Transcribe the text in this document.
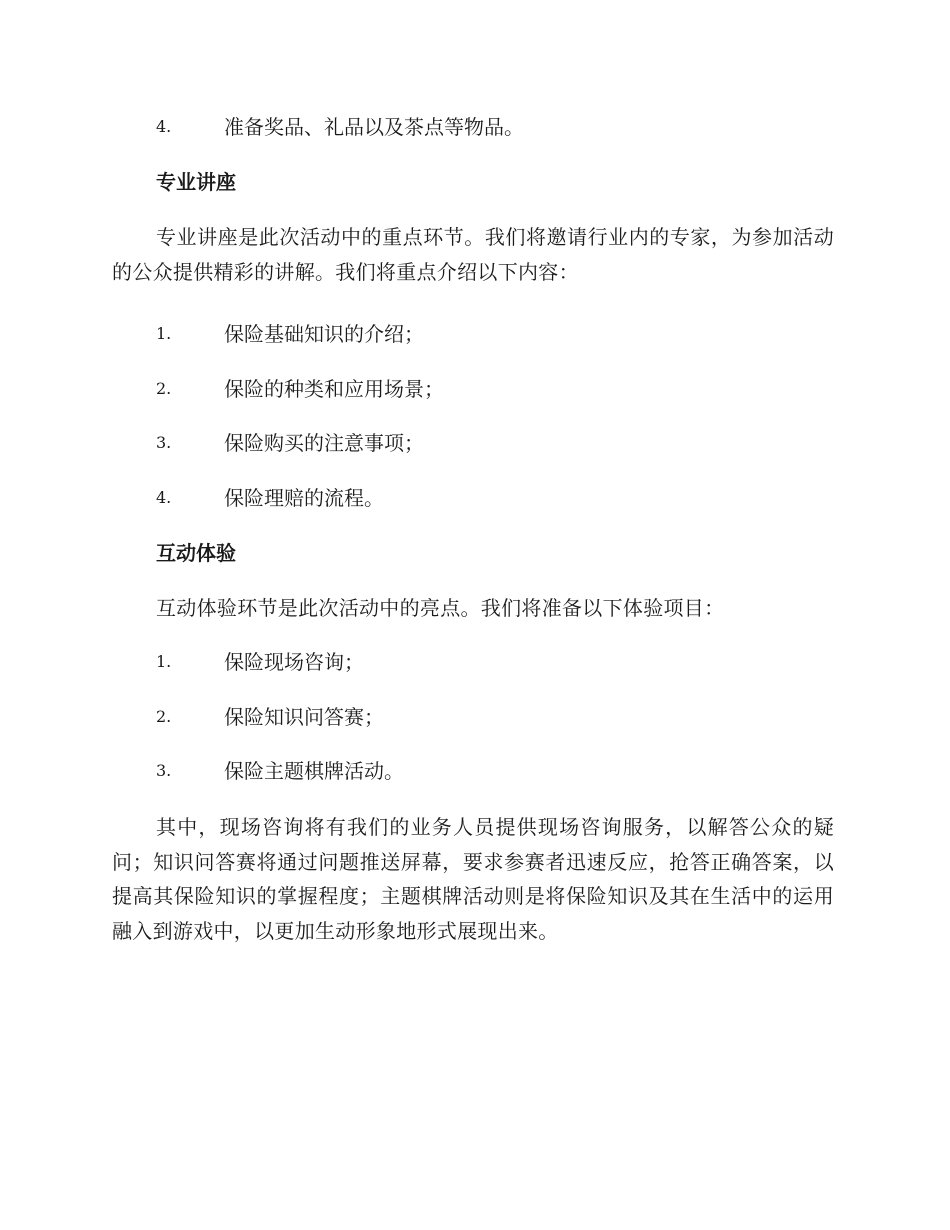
4.	准备奖品、礼品以及茶点等物品。
专业讲座
专业讲座是此次活动中的重点环节。我们将邀请行业内的专家，为参加活动的公众提供精彩的讲解。我们将重点介绍以下内容：
1.	保险基础知识的介绍；
2.	保险的种类和应用场景；
3.	保险购买的注意事项；
4.	保险理赔的流程。
互动体验
互动体验环节是此次活动中的亮点。我们将准备以下体验项目：
1.	保险现场咨询；
2.	保险知识问答赛；
3.	保险主题棋牌活动。
其中，现场咨询将有我们的业务人员提供现场咨询服务，以解答公众的疑问；知识问答赛将通过问题推送屏幕，要求参赛者迅速反应，抢答正确答案，以提高其保险知识的掌握程度；主题棋牌活动则是将保险知识及其在生活中的运用融入到游戏中，以更加生动形象地形式展现出来。
